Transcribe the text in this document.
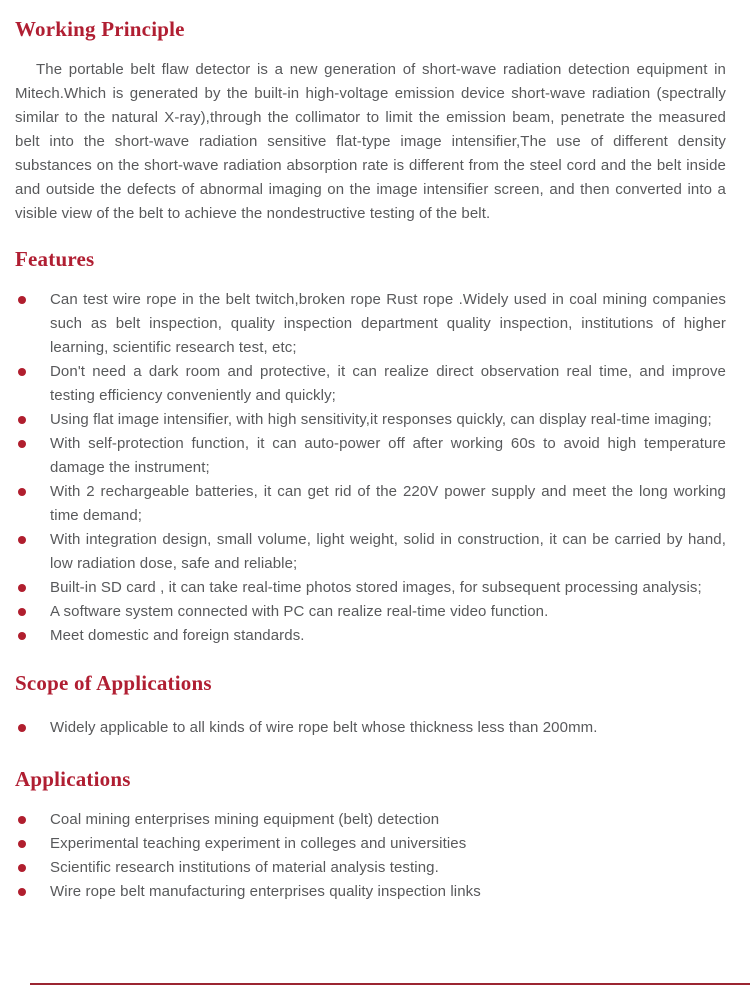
Working Principle

The portable belt flaw detector is a new generation of short-wave radiation detection equipment in Mitech.Which is generated by the built-in high-voltage emission device short-wave radiation (spectrally similar to the natural X-ray),through the collimator to limit the emission beam, penetrate the measured belt into the short-wave radiation sensitive flat-type image intensifier,The use of different density substances on the short-wave radiation absorption rate is different from the steel cord and the belt inside and outside the defects of abnormal imaging on the image intensifier screen, and then converted into a visible view of the belt to achieve the nondestructive testing of the belt.

Features
Can test wire rope in the belt twitch,broken rope Rust rope .Widely used in coal mining companies such as belt inspection, quality inspection department quality inspection, institutions of higher learning, scientific research test, etc;
Don't need a dark room and protective, it can realize direct observation real time, and improve testing efficiency conveniently and quickly;
Using flat image intensifier, with high sensitivity,it responses quickly, can display real-time imaging;
With self-protection function, it can auto-power off after working 60s to avoid high temperature damage the instrument;
With 2 rechargeable batteries, it can get rid of the 220V power supply and meet the long working time demand;
With integration design, small volume, light weight, solid in construction, it can be carried by hand, low radiation dose, safe and reliable;
Built-in SD card , it can take real-time photos stored images, for subsequent processing analysis;
A software system connected with PC can realize real-time video function.
Meet domestic and foreign standards.
Scope of Applications
Widely applicable to all kinds of wire rope belt whose thickness less than 200mm.
Applications
Coal mining enterprises mining equipment (belt) detection
Experimental teaching experiment in colleges and universities
Scientific research institutions of material analysis testing.
Wire rope belt manufacturing enterprises quality inspection links
